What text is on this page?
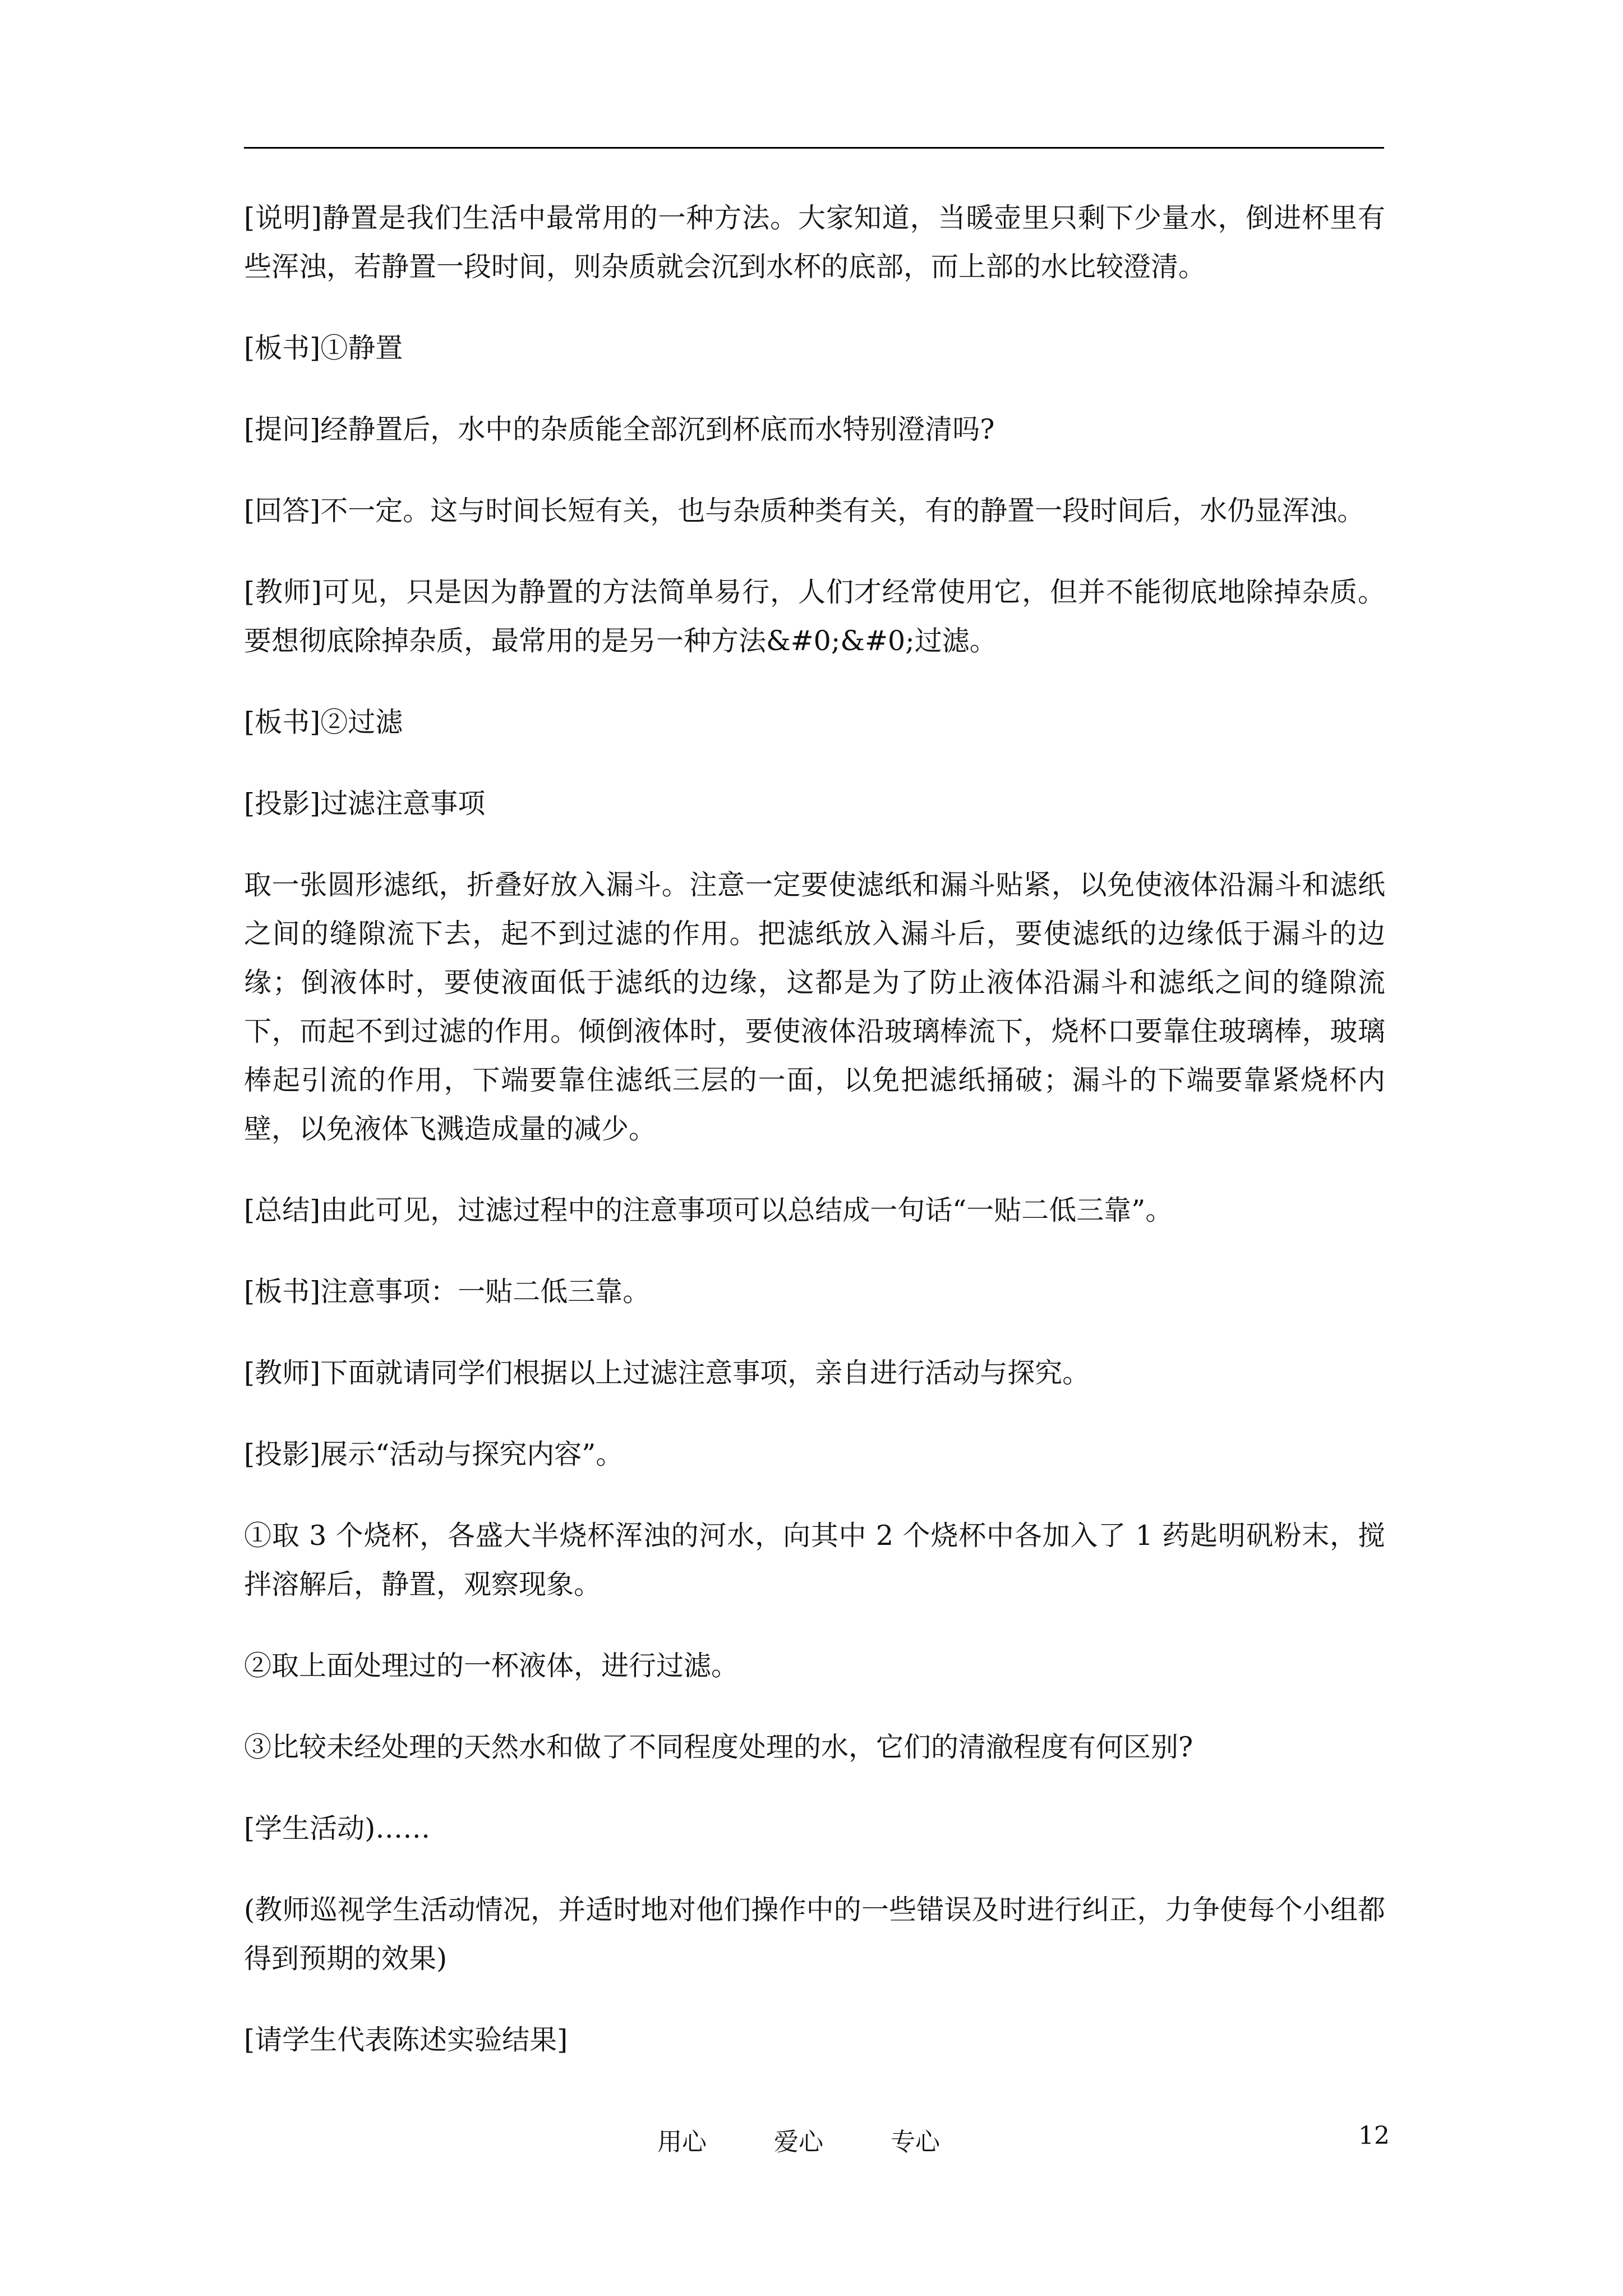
[说明]静置是我们生活中最常用的一种方法。大家知道，当暖壶里只剩下少量水，倒进杯里有些浑浊，若静置一段时间，则杂质就会沉到水杯的底部，而上部的水比较澄清。

[板书]①静置

[提问]经静置后，水中的杂质能全部沉到杯底而水特别澄清吗?

[回答]不一定。这与时间长短有关，也与杂质种类有关，有的静置一段时间后，水仍显浑浊。

[教师]可见，只是因为静置的方法简单易行，人们才经常使用它，但并不能彻底地除掉杂质。要想彻底除掉杂质，最常用的是另一种方法&#0;&#0;过滤。

[板书]②过滤

[投影]过滤注意事项

取一张圆形滤纸，折叠好放入漏斗。注意一定要使滤纸和漏斗贴紧，以免使液体沿漏斗和滤纸之间的缝隙流下去，起不到过滤的作用。把滤纸放入漏斗后，要使滤纸的边缘低于漏斗的边缘；倒液体时，要使液面低于滤纸的边缘，这都是为了防止液体沿漏斗和滤纸之间的缝隙流下，而起不到过滤的作用。倾倒液体时，要使液体沿玻璃棒流下，烧杯口要靠住玻璃棒，玻璃棒起引流的作用，下端要靠住滤纸三层的一面，以免把滤纸捅破；漏斗的下端要靠紧烧杯内壁，以免液体飞溅造成量的减少。

[总结]由此可见，过滤过程中的注意事项可以总结成一句话“一贴二低三靠”。

[板书]注意事项：一贴二低三靠。

[教师]下面就请同学们根据以上过滤注意事项，亲自进行活动与探究。

[投影]展示“活动与探究内容”。

①取 3 个烧杯，各盛大半烧杯浑浊的河水，向其中 2 个烧杯中各加入了 1 药匙明矾粉末，搅拌溶解后，静置，观察现象。

②取上面处理过的一杯液体，进行过滤。

③比较未经处理的天然水和做了不同程度处理的水，它们的清澈程度有何区别?

[学生活动)……

(教师巡视学生活动情况，并适时地对他们操作中的一些错误及时进行纠正，力争使每个小组都得到预期的效果)

[请学生代表陈述实验结果]

用心	爱心	专心	12
